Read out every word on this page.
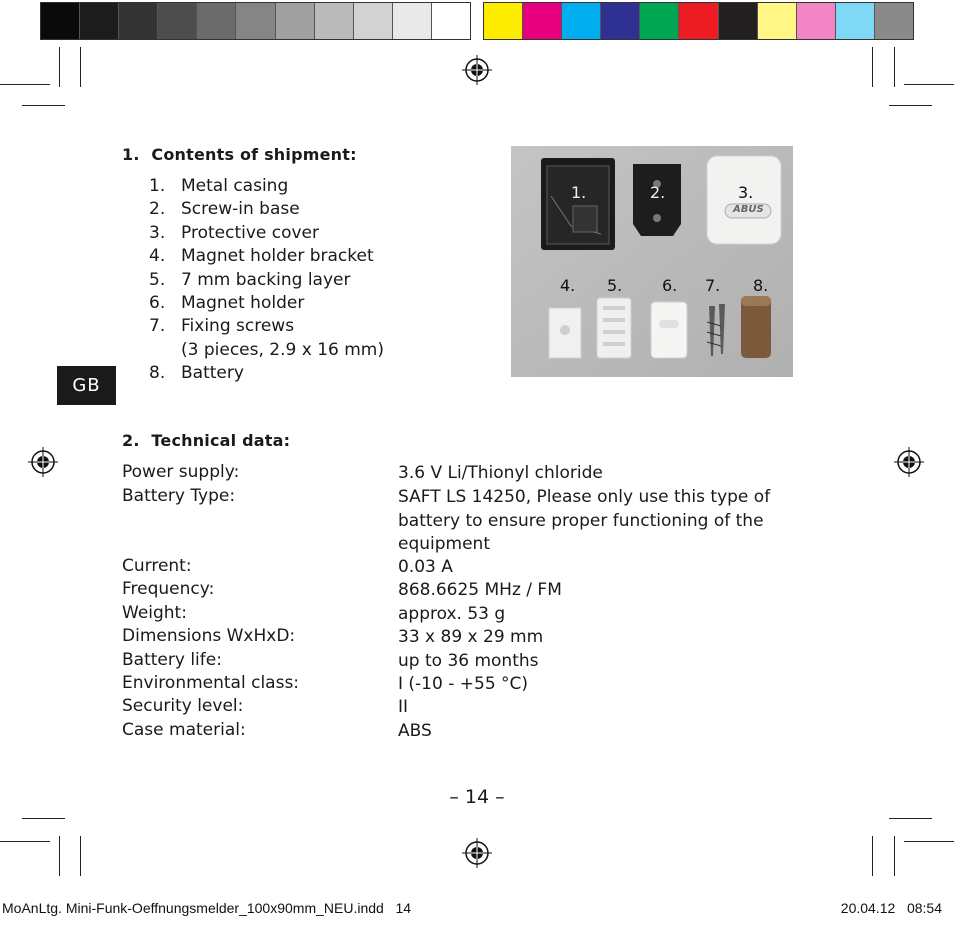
1. Contents of shipment:
1. Metal casing
2. Screw-in base
3. Protective cover
4. Magnet holder bracket
5. 7 mm backing layer
6. Magnet holder
7. Fixing screws
(3 pieces, 2.9 x 16 mm)
8. Battery
GB
1.	2.	3.
ABUS
4. 5. 6. 7. 8.
2. Technical data:
Power supply:	3.6 V Li/Thionyl chloride
Battery Type:	SAFT LS 14250, Please only use this type of battery to ensure proper functioning of the equipment
Current:	0.03 A
Frequency:	868.6625 MHz / FM
Weight:	approx. 53 g
Dimensions WxHxD:	33 x 89 x 29 mm
Battery life:	up to 36 months
Environmental class:	I (-10 - +55 °C)
Security level:	II
Case material:	ABS
– 14 –
MoAnLtg. Mini-Funk-Oeffnungsmelder_100x90mm_NEU.indd   14	20.04.12   08:54
